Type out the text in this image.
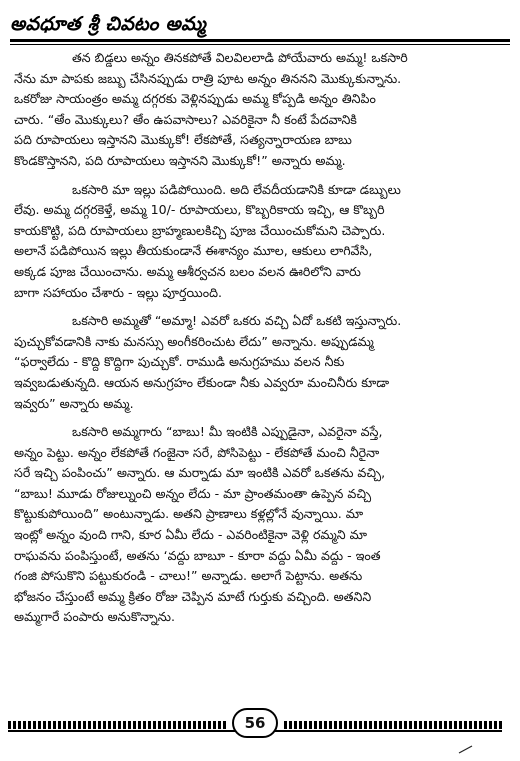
అవధూత శ్రీ చివటం అమ్మ

తన బిడ్డలు అన్నం తినకపోతే విలవిలలాడి పోయేవారు అమ్మ! ఒకసారి
నేను మా పాపకు జబ్బు చేసినప్పుడు రాత్రి పూట అన్నం తిననని మొక్కుకున్నాను.
ఒకరోజు సాయంత్రం అమ్మ దగ్గరకు వెళ్లినప్పుడు అమ్మ కోప్పడి అన్నం తినిపిం
చారు. “అేం మొక్కులు? అేం ఉపవాసాలు? ఎవరికైనా నీ కంటే పేదవానికి
పది రూపాయలు ఇస్తానని మొక్కుకో! లేకపోతే, సత్యన్నారాయణ బాబు
కొండకొస్తానని, పది రూపాయలు ఇస్తానని మొక్కుకో!” అన్నారు అమ్మ.

ఒకసారి మా ఇల్లు పడిపోయింది. అది లేవదీయడానికి కూడా డబ్బులు
లేవు. అమ్మ దగ్గరకెళ్తే, అమ్మ 10/- రూపాయలు, కొబ్బరికాయ ఇచ్చి, ఆ కొబ్బరి
కాయకొట్టి, పది రూపాయలు బ్రాహ్మణులకిచ్చి పూజ చేయించుకోమని చెప్పారు.
అలానే పడిపోయిన ఇల్లు తీయకుండానే ఈశాన్యం మూల, ఆకులు లాగివేసి,
అక్కడ పూజ చేయించాను. అమ్మ ఆశీర్వచన బలం వలన ఊరిలోని వారు
బాగా సహాయం చేశారు - ఇల్లు పూర్తయింది.

ఒకసారి అమ్మతో “అమ్మా! ఎవరో ఒకరు వచ్చి ఏదో ఒకటి ఇస్తున్నారు.
పుచ్చుకోవడానికి నాకు మనస్సు అంగీకరించుట లేదు” అన్నాను. అప్పుడమ్మ
“ఫర్వాలేదు - కొద్ది కొద్దిగా పుచ్చుకో. రాముడి అనుగ్రహము వలన నీకు
ఇవ్వబడుతున్నది. ఆయన అనుగ్రహం లేకుండా నీకు ఎవ్వరూ మంచినీరు కూడా
ఇవ్వరు” అన్నారు అమ్మ.

ఒకసారి అమ్మగారు “బాబు! మీ ఇంటికి ఎప్పుడైనా, ఎవరైనా వస్తే,
అన్నం పెట్టు. అన్నం లేకపోతే గంజైనా సరే, పోసిపెట్టు - లేకపోతే మంచి నీరైనా
సరే ఇచ్చి పంపించు” అన్నారు. ఆ మర్నాడు మా ఇంటికి ఎవరో ఒకతను వచ్చి,
“బాబు! మూడు రోజుల్నుంచి అన్నం లేదు - మా ప్రాంతమంతా ఉప్పెన వచ్చి
కొట్టుకుపోయింది” అంటున్నాడు. అతని ప్రాణాలు కళ్లల్లోనే వున్నాయి. మా
ఇంట్లో అన్నం వుంది గాని, కూర ఏమీ లేదు - ఎవరింటికైనా వెళ్లి రమ్మని మా
రాఘవను పంపిస్తుంటే, అతను ‘వద్దు బాబూ - కూరా వద్దు ఏమీ వద్దు - ఇంత
గంజి పోసుకొని పట్టుకురండి - చాలు!” అన్నాడు. అలాగే పెట్టాను. అతను
భోజనం చేస్తుంటే అమ్మ క్రితం రోజు చెప్పిన మాటే గుర్తుకు వచ్చింది. అతనిని
అమ్మగారే పంపారు అనుకొన్నాను.

56
